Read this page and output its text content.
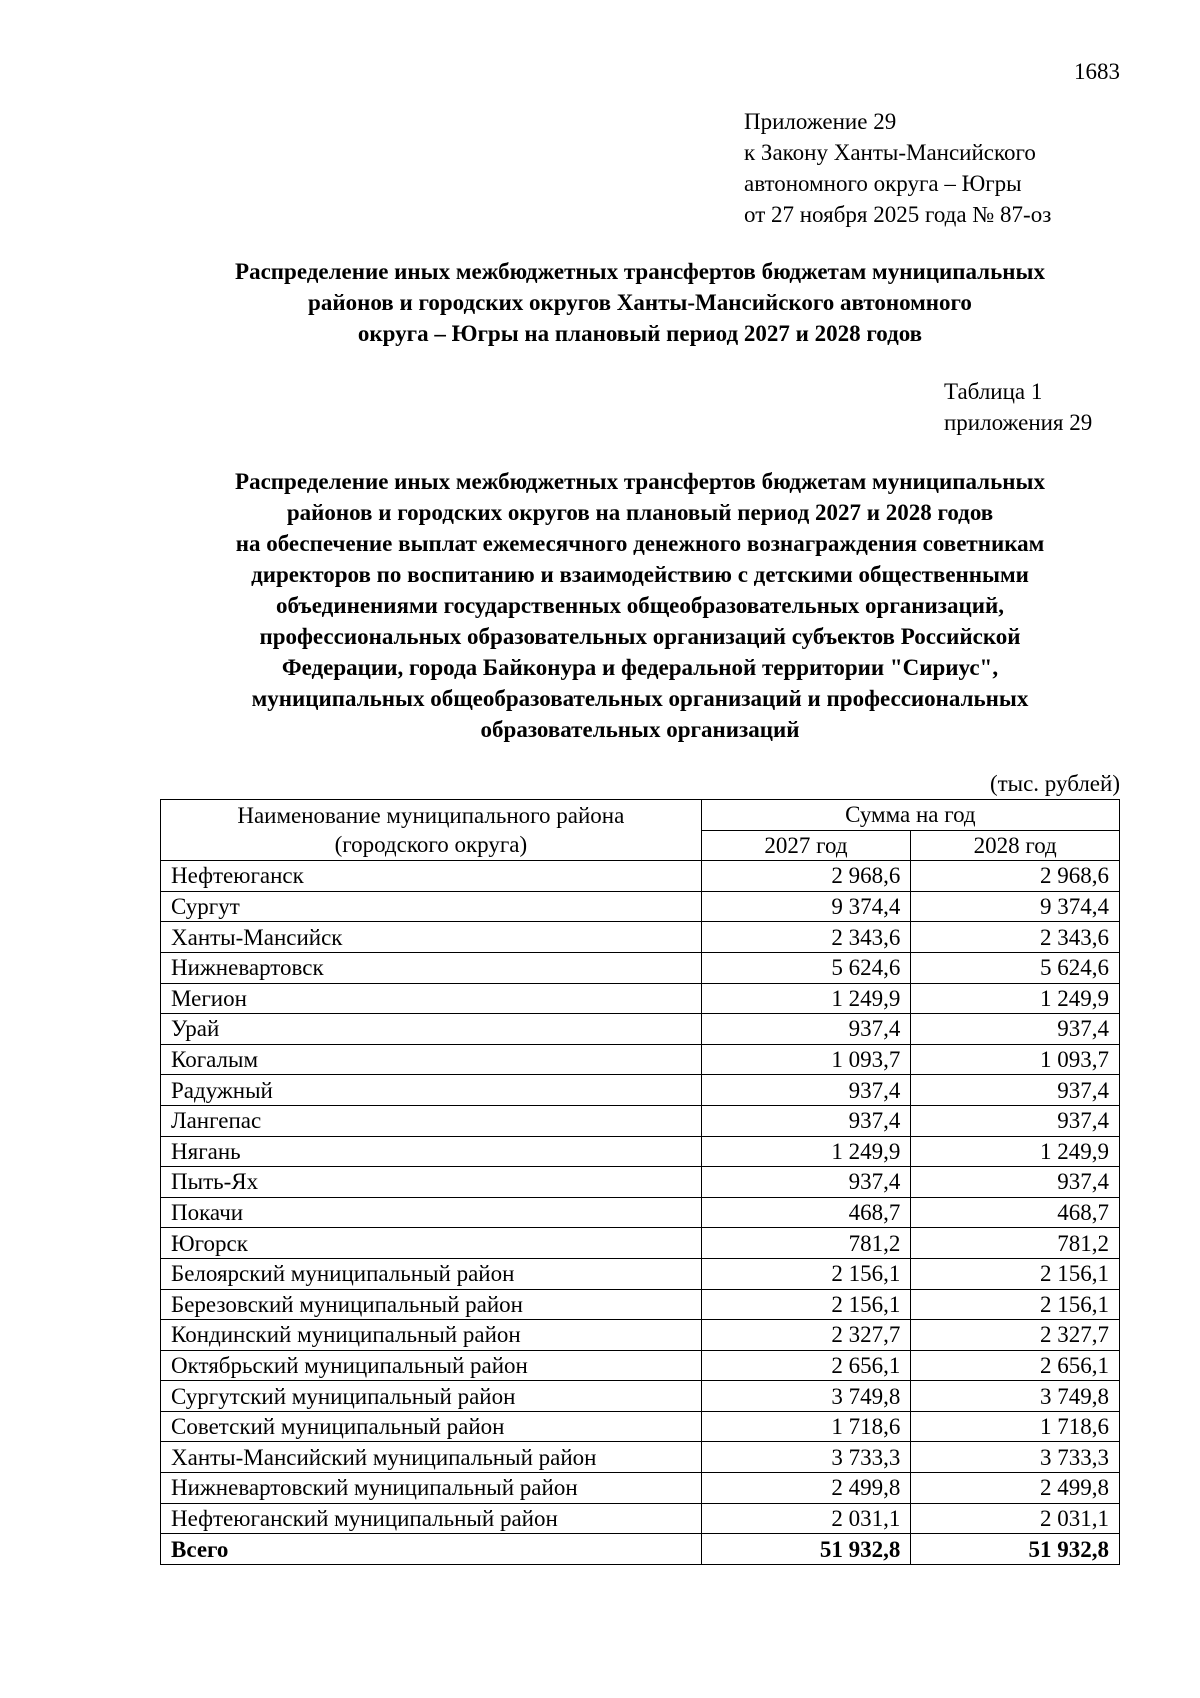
1683
Приложение 29
к Закону Ханты-Мансийского
автономного округа – Югры
от 27 ноября 2025 года № 87-оз
Распределение иных межбюджетных трансфертов бюджетам муниципальных
районов и городских округов Ханты-Мансийского автономного
округа – Югры на плановый период 2027 и 2028 годов
Таблица 1
приложения 29
Распределение иных межбюджетных трансфертов бюджетам муниципальных
районов и городских округов на плановый период 2027 и 2028 годов
на обеспечение выплат ежемесячного денежного вознаграждения советникам
директоров по воспитанию и взаимодействию с детскими общественными
объединениями государственных общеобразовательных организаций,
профессиональных образовательных организаций субъектов Российской
Федерации, города Байконура и федеральной территории "Сириус",
муниципальных общеобразовательных организаций и профессиональных
образовательных организаций
(тыс. рублей)
Наименование муниципального района
(городского округа)	Сумма на год	
	2027 год	2028 год
Нефтеюганск	2 968,6	2 968,6
Сургут	9 374,4	9 374,4
Ханты-Мансийск	2 343,6	2 343,6
Нижневартовск	5 624,6	5 624,6
Мегион	1 249,9	1 249,9
Урай	937,4	937,4
Когалым	1 093,7	1 093,7
Радужный	937,4	937,4
Лангепас	937,4	937,4
Нягань	1 249,9	1 249,9
Пыть-Ях	937,4	937,4
Покачи	468,7	468,7
Югорск	781,2	781,2
Белоярский муниципальный район	2 156,1	2 156,1
Березовский муниципальный район	2 156,1	2 156,1
Кондинский муниципальный район	2 327,7	2 327,7
Октябрьский муниципальный район	2 656,1	2 656,1
Сургутский муниципальный район	3 749,8	3 749,8
Советский муниципальный район	1 718,6	1 718,6
Ханты-Мансийский муниципальный район	3 733,3	3 733,3
Нижневартовский муниципальный район	2 499,8	2 499,8
Нефтеюганский муниципальный район	2 031,1	2 031,1
Всего	51 932,8	51 932,8
